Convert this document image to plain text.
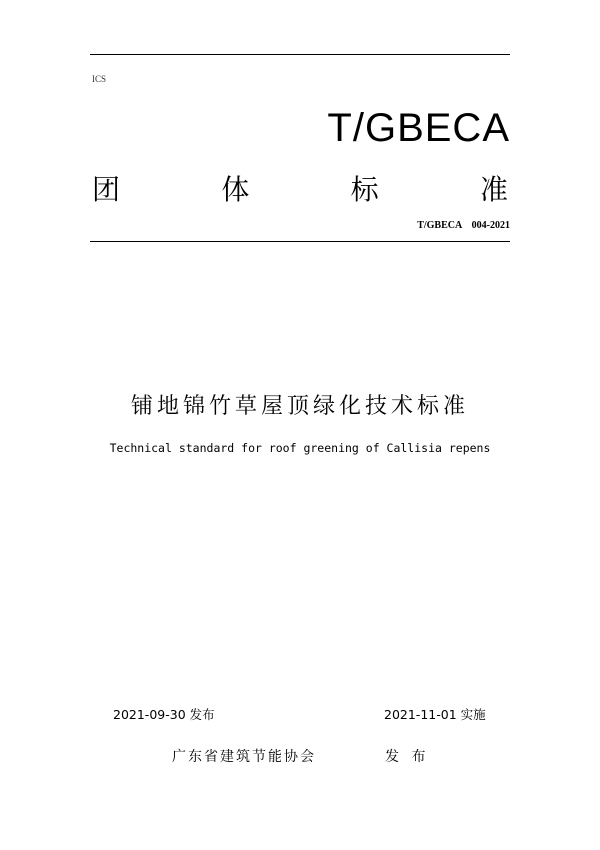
ICS
T/GBECA
团	体	标	准
T/GBECA　004-2021
铺地锦竹草屋顶绿化技术标准
Technical standard for roof greening of Callisia repens
2021-09-30 发布	2021-11-01 实施
广东省建筑节能协会	发 布
